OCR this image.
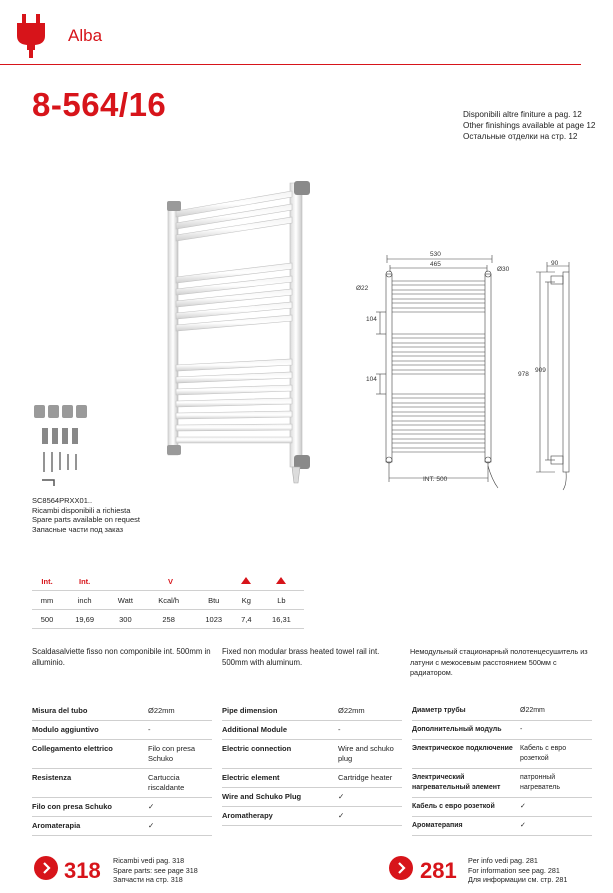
Alba
8-564/16	Disponibili altre finiture a pag. 12
Other finishings available at page 12
Остальные отделки на стр. 12
530
465
Ø22
Ø30
104
104
INT. 500
90
978
909
SC8564PRXX01..
Ricambi disponibili a richiesta
Spare parts available on request
Запасные части под заказ
Int.	Int.	V				
mm	inch	Watt	Kcal/h	Btu	Kg	Lb
500	19,69	300	258	1023	7,4	16,31
Scaldasalviette fisso non componibile int. 500mm in alluminio.
Fixed non modular brass heated towel rail int. 500mm with aluminum.
Немодульный стационарный полотенцесушитель из латуни с межосевым расстоянием 500мм с радиатором.
Misura del tubo	Ø22mm
Modulo aggiuntivo	-
Collegamento elettrico	Filo con presa Schuko
Resistenza	Cartuccia riscaldante
Filo con presa Schuko	✓
Aromaterapia	✓
Pipe dimension	Ø22mm
Additional Module	-
Electric connection	Wire and schuko plug
Electric element	Cartridge heater
Wire and Schuko Plug	✓
Aromatherapy	✓
Диаметр трубы	Ø22mm
Дополнительный модуль	-
Электрическое подключение	Кабель с евро розеткой
Электрический нагревательный элемент	патронный нагреватель
Кабель с евро розеткой	✓
Ароматерапия	✓
318 Ricambi vedi pag. 318
Spare parts: see page 318
Запчасти на стр. 318	281 Per info vedi pag. 281
For information see pag. 281
Для информации см. стр. 281
